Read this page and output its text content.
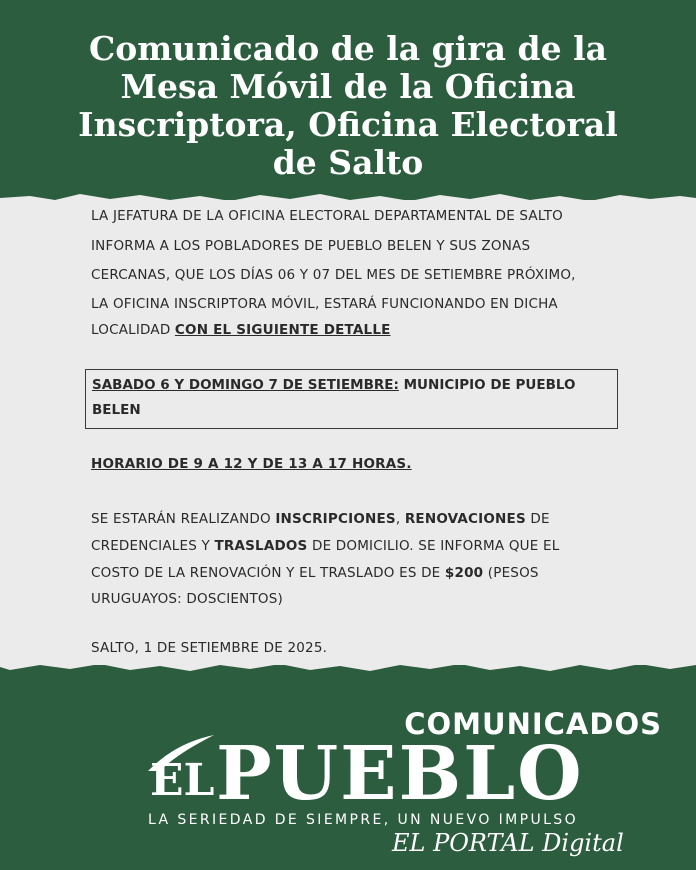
Comunicado de la gira de la
Mesa Móvil de la Oficina
Inscriptora, Oficina Electoral
de Salto
LA JEFATURA DE LA OFICINA ELECTORAL DEPARTAMENTAL DE SALTO
INFORMA A LOS POBLADORES DE PUEBLO BELEN Y SUS ZONAS
CERCANAS, QUE LOS DÍAS 06 Y 07 DEL MES DE SETIEMBRE PRÓXIMO,
LA OFICINA INSCRIPTORA MÓVIL, ESTARÁ FUNCIONANDO EN DICHA
LOCALIDAD CON EL SIGUIENTE DETALLE
HORARIO DE 9 A 12 Y DE 13 A 17 HORAS.
SE ESTARÁN REALIZANDO INSCRIPCIONES, RENOVACIONES DE
CREDENCIALES Y TRASLADOS DE DOMICILIO. SE INFORMA QUE EL
COSTO DE LA RENOVACIÓN Y EL TRASLADO ES DE $200 (PESOS
URUGUAYOS: DOSCIENTOS)
SALTO, 1 DE SETIEMBRE DE 2025.
SABADO 6 Y DOMINGO 7 DE SETIEMBRE: MUNICIPIO DE PUEBLO
BELEN
COMUNICADOS
EL PUEBLO
LA SERIEDAD DE SIEMPRE, UN NUEVO IMPULSO
EL PORTAL Digital
